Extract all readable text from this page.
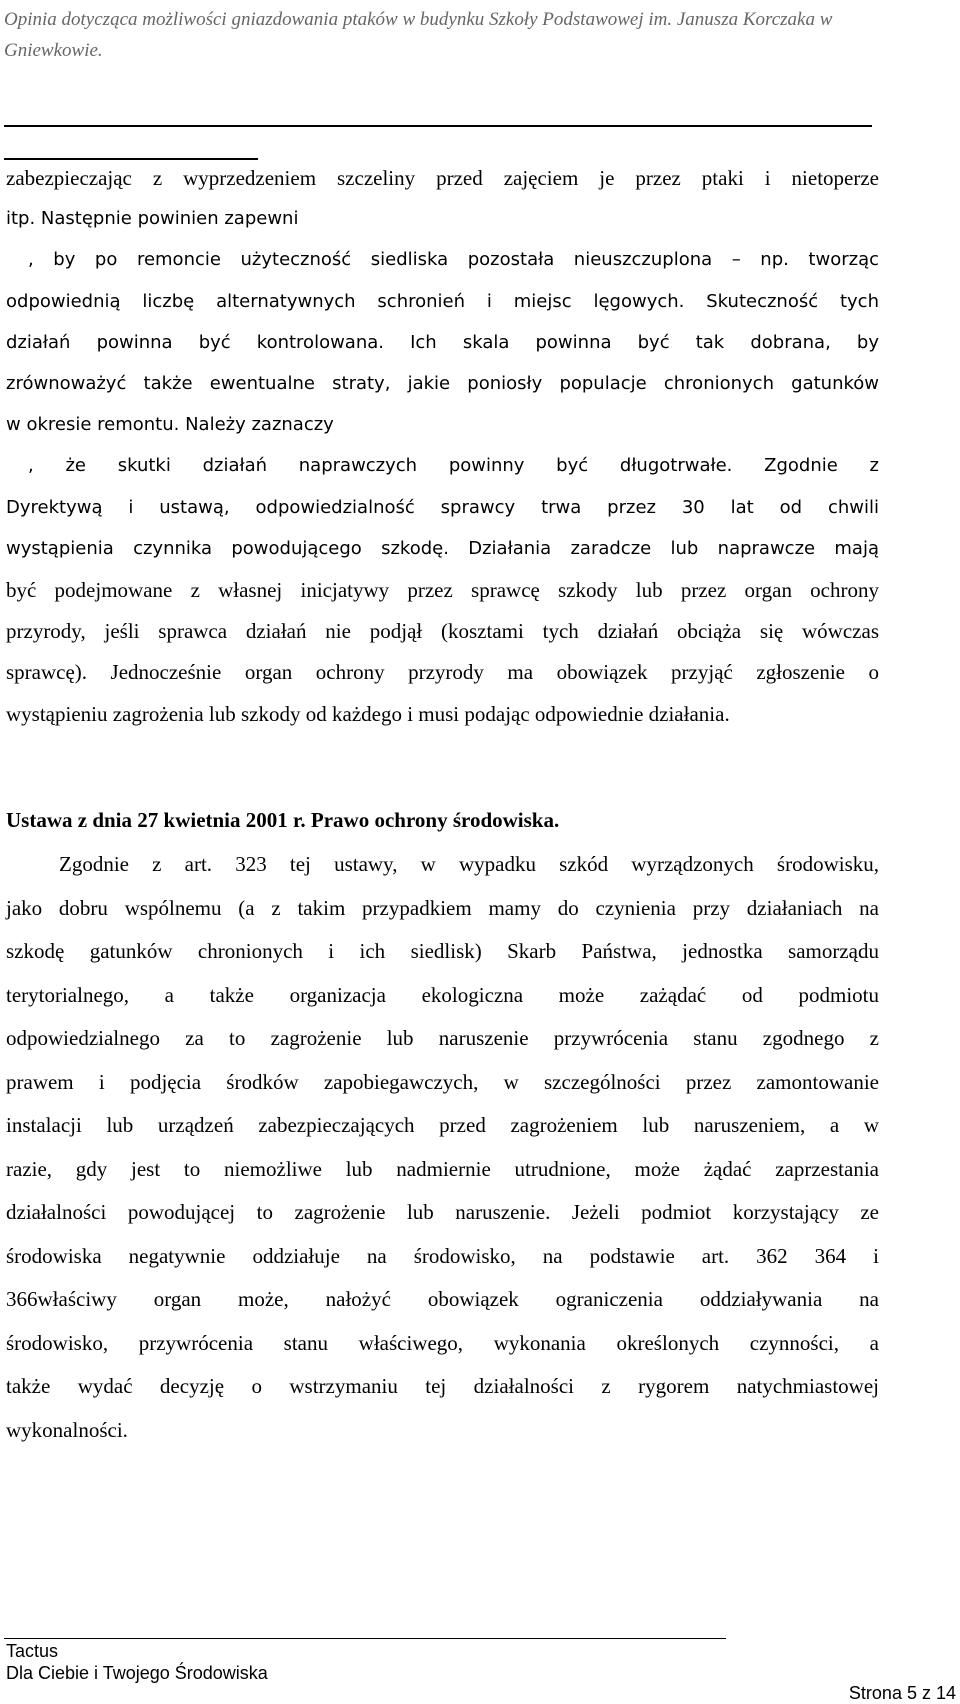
Opinia dotycząca możliwości gniazdowania ptaków w budynku Szkoły Podstawowej im. Janusza Korczaka w Gniewkowie.
zabezpieczając z wyprzedzeniem szczeliny przed zajęciem je przez ptaki i nietoperze
itp. Następnie powinien zapewni
, by po remoncie użyteczność siedliska pozostała nieuszczuplona – np. tworząc
odpowiednią liczbę alternatywnych schronień i miejsc lęgowych. Skuteczność tych
działań powinna być kontrolowana. Ich skala powinna być tak dobrana, by
zrównoważyć także ewentualne straty, jakie poniosły populacje chronionych gatunków
w okresie remontu. Należy zaznaczy
, że skutki działań naprawczych powinny być długotrwałe. Zgodnie z
Dyrektywą i ustawą, odpowiedzialność sprawcy trwa przez 30 lat od chwili
wystąpienia czynnika powodującego szkodę. Działania zaradcze lub naprawcze mają
być podejmowane z własnej inicjatywy przez sprawcę szkody lub przez organ ochrony
przyrody, jeśli sprawca działań nie podjął (kosztami tych działań obciąża się wówczas
sprawcę). Jednocześnie organ ochrony przyrody ma obowiązek przyjąć zgłoszenie o
wystąpieniu zagrożenia lub szkody od każdego i musi podając odpowiednie działania.
Ustawa z dnia 27 kwietnia 2001 r. Prawo ochrony środowiska.
Zgodnie z art. 323 tej ustawy, w wypadku szkód wyrządzonych środowisku,
jako dobru wspólnemu (a z takim przypadkiem mamy do czynienia przy działaniach na
szkodę gatunków chronionych i ich siedlisk) Skarb Państwa, jednostka samorządu
terytorialnego, a także organizacja ekologiczna może zażądać od podmiotu
odpowiedzialnego za to zagrożenie lub naruszenie przywrócenia stanu zgodnego z
prawem i podjęcia środków zapobiegawczych, w szczególności przez zamontowanie
instalacji lub urządzeń zabezpieczających przed zagrożeniem lub naruszeniem, a w
razie, gdy jest to niemożliwe lub nadmiernie utrudnione, może żądać zaprzestania
działalności powodującej to zagrożenie lub naruszenie. Jeżeli podmiot korzystający ze
środowiska negatywnie oddziałuje na środowisko, na podstawie art. 362 364 i
366właściwy organ może, nałożyć obowiązek ograniczenia oddziaływania na
środowisko, przywrócenia stanu właściwego, wykonania określonych czynności, a
także wydać decyzję o wstrzymaniu tej działalności z rygorem natychmiastowej
wykonalności.
Tactus
Dla Ciebie i Twojego Środowiska
Strona 5 z 14
